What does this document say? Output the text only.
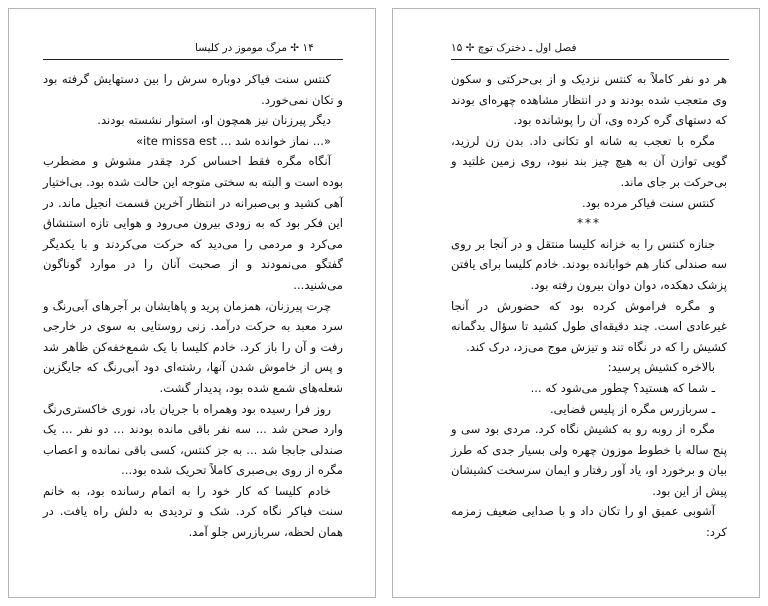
۱۴ ✢ مرگ موموز در کلیسا

کنتس سنت فیاکر دوباره سرش را بین دستهایش گرفته بود و تکان نمی‌خورد.

دیگر پیرزنان نیز همچون او، استوار نشسته بودند.

«... نماز خوانده شد ... ite missa est»

آنگاه مگره فقط احساس کرد چقدر مشوش و مضطرب بوده است و البته به سختی متوجه این حالت شده بود. بی‌اختیار آهی کشید و بی‌صبرانه در انتظار آخرین قسمت انجیل ماند. در این فکر بود که به زودی بیرون می‌رود و هوایی تازه استنشاق می‌کرد و مردمی را می‌دید که حرکت می‌کردند و با یکدیگر گفتگو می‌نمودند و از صحبت آنان را در موارد گوناگون می‌شنید...

چرت پیرزنان، همزمان پرید و پاهایشان بر آجرهای آبی‌رنگ و سرد معبد به حرکت درآمد. زنی روستایی به سوی در خارجی رفت و آن را باز کرد. خادم کلیسا با یک شمع‌خفه‌کن ظاهر شد و پس از خاموش شدن آنها، رشته‌ای دود آبی‌رنگ که جایگزین شعله‌های شمع شده بود، پدیدار گشت.

روز فرا رسیده بود وهمراه با جریان باد، نوری خاکستری‌رنگ وارد صحن شد ... سه نفر باقی مانده بودند ... دو نفر ... یک صندلی جابجا شد ... به جز کنتس، کسی باقی نمانده و اعصاب مگره از روی بی‌صبری کاملاً تحریک شده بود...

خادم کلیسا که کار خود را به اتمام رسانده بود، به خانم سنت فیاکر نگاه کرد. شک و تردیدی به دلش راه یافت. در همان لحظه، سربازرس جلو آمد.

فصل اول ـ دخترک توچ ✢ ۱۵

هر دو نفر کاملاً به کنتس نزدیک و از بی‌حرکتی و سکون وی متعجب شده بودند و در انتظار مشاهده چهره‌ای بودند که دستهای گره کرده وی، آن را پوشانده بود.

مگره با تعجب به شانه او تکانی داد. بدن زن لرزید، گویی توازن آن به هیچ چیز بند نبود، روی زمین غلتید و بی‌حرکت بر جای ماند.

کنتس سنت فیاکر مرده بود.

***

جنازه کنتس را به خزانه کلیسا منتقل و در آنجا بر روی سه صندلی کنار هم خوابانده بودند. خادم کلیسا برای یافتن پزشک دهکده، دوان دوان بیرون رفته بود.

و مگره فراموش کرده بود که حضورش در آنجا غیرعادی است. چند دقیقه‌ای طول کشید تا سؤال بدگمانه کشیش را که در نگاه تند و تیزش موج می‌زد، درک کند.

بالاخره کشیش پرسید:

ـ شما که هستید؟ چطور می‌شود که ...

ـ سربازرس مگره از پلیس قضایی.

مگره از روبه رو به کشیش نگاه کرد. مردی بود سی و پنج ساله با خطوط موزون چهره ولی بسیار جدی که طرز بیان و برخورد او، یاد آور رفتار و ایمان سرسخت کشیشان پیش از این بود.

آشوبی عمیق او را تکان داد و با صدایی ضعیف زمزمه کرد:
